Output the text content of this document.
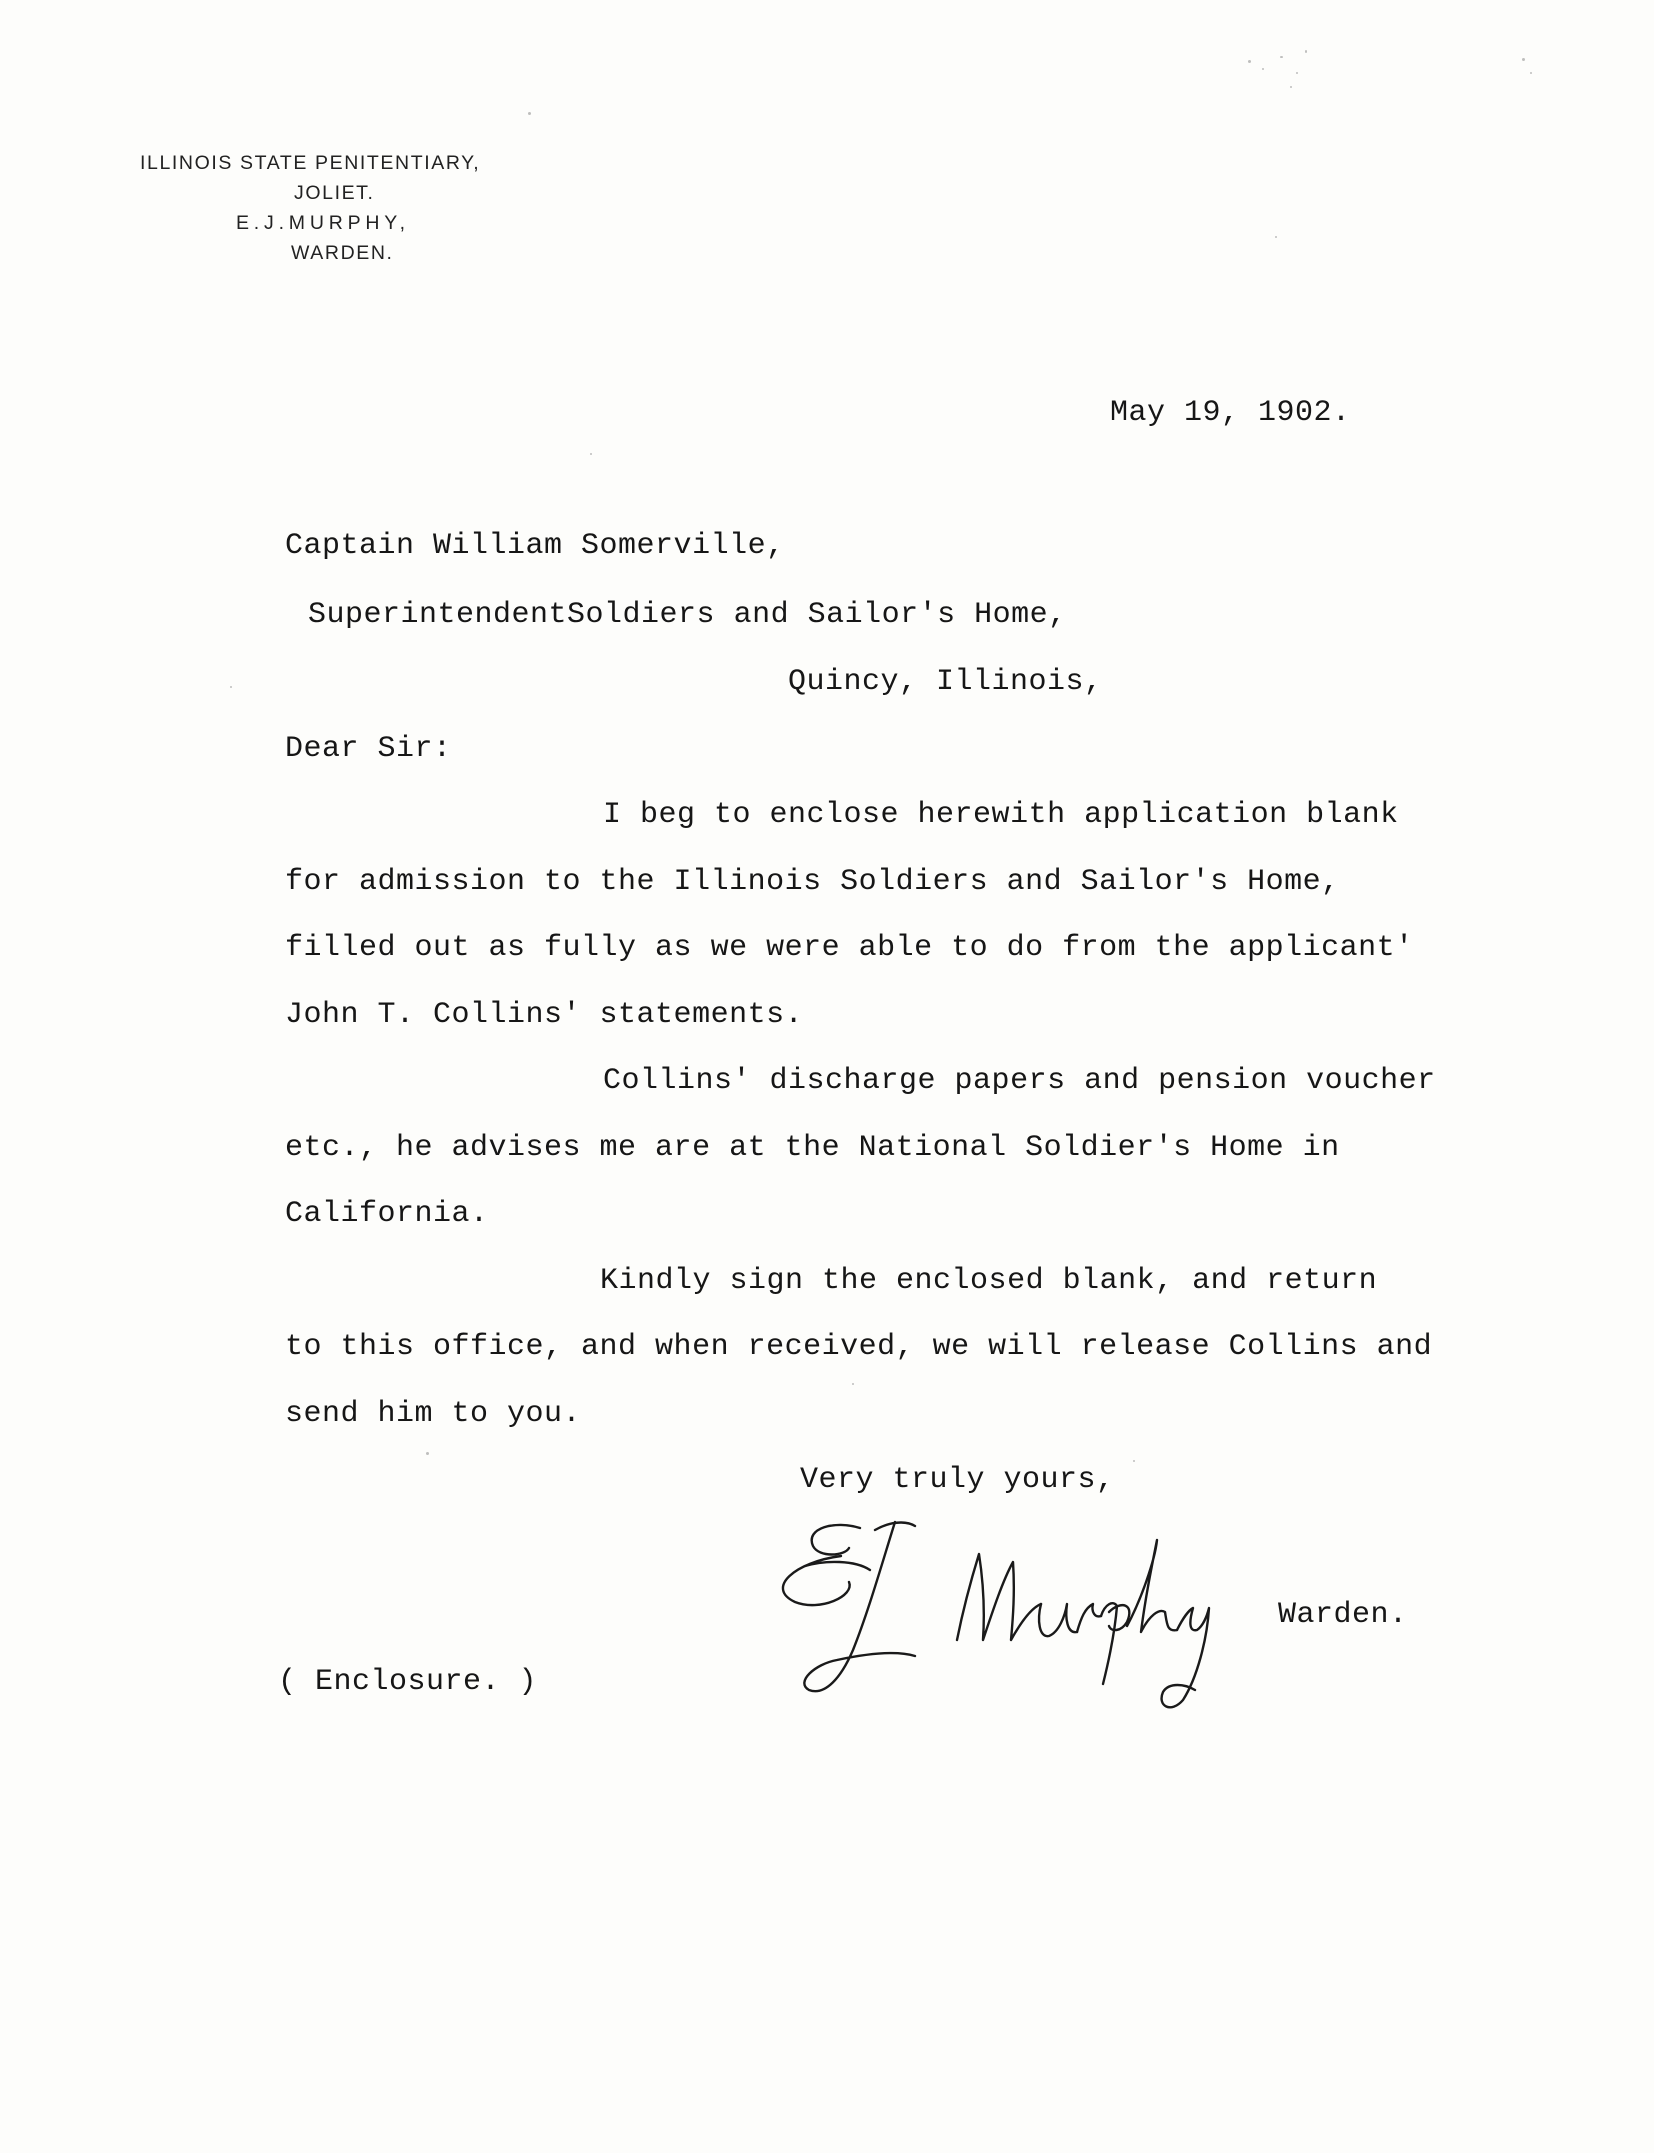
ILLINOIS STATE PENITENTIARY,
JOLIET.
E.J.MURPHY,
WARDEN.
May 19, 1902.
Captain William Somerville,
SuperintendentSoldiers and Sailor's Home,
Quincy, Illinois,
Dear Sir:
I beg to enclose herewith application blank
for admission to the Illinois Soldiers and Sailor's Home,
filled out as fully as we were able to do from the applicant'
John T. Collins' statements.
Collins' discharge papers and pension voucher
etc., he advises me are at the National Soldier's Home in
California.
Kindly sign the enclosed blank, and return
to this office, and when received, we will release Collins and
send him to you.
Very truly yours,
Warden.
( Enclosure. )
